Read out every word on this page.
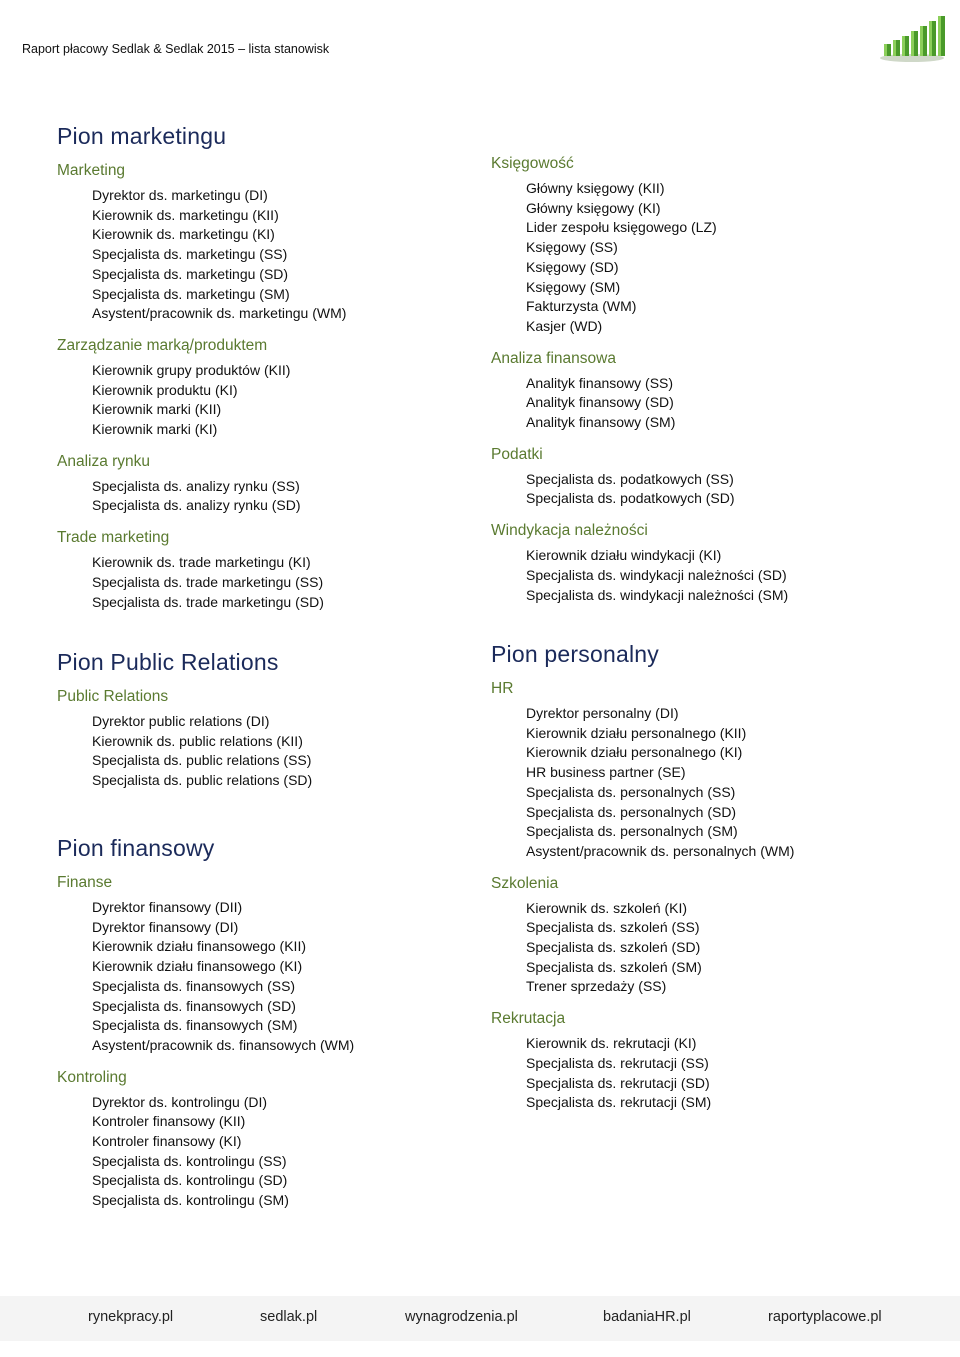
Raport płacowy Sedlak & Sedlak 2015 – lista stanowisk
Pion marketingu
Marketing
Dyrektor ds. marketingu (DI)
Kierownik ds. marketingu (KII)
Kierownik ds. marketingu (KI)
Specjalista ds. marketingu (SS)
Specjalista ds. marketingu (SD)
Specjalista ds. marketingu (SM)
Asystent/pracownik ds. marketingu (WM)
Zarządzanie marką/produktem
Kierownik grupy produktów (KII)
Kierownik produktu (KI)
Kierownik marki (KII)
Kierownik marki (KI)
Analiza rynku
Specjalista ds. analizy rynku (SS)
Specjalista ds. analizy rynku (SD)
Trade marketing
Kierownik ds. trade marketingu (KI)
Specjalista ds. trade marketingu (SS)
Specjalista ds. trade marketingu (SD)
Pion Public Relations
Public Relations
Dyrektor public relations (DI)
Kierownik ds. public relations (KII)
Specjalista ds. public relations (SS)
Specjalista ds. public relations (SD)
Pion finansowy
Finanse
Dyrektor finansowy (DII)
Dyrektor finansowy (DI)
Kierownik działu finansowego (KII)
Kierownik działu finansowego (KI)
Specjalista ds. finansowych (SS)
Specjalista ds. finansowych (SD)
Specjalista ds. finansowych (SM)
Asystent/pracownik ds. finansowych (WM)
Kontroling
Dyrektor ds. kontrolingu (DI)
Kontroler finansowy (KII)
Kontroler finansowy (KI)
Specjalista ds. kontrolingu (SS)
Specjalista ds. kontrolingu (SD)
Specjalista ds. kontrolingu (SM)
Księgowość
Główny księgowy (KII)
Główny księgowy (KI)
Lider zespołu księgowego (LZ)
Księgowy (SS)
Księgowy (SD)
Księgowy (SM)
Fakturzysta (WM)
Kasjer (WD)
Analiza finansowa
Analityk finansowy (SS)
Analityk finansowy (SD)
Analityk finansowy (SM)
Podatki
Specjalista ds. podatkowych (SS)
Specjalista ds. podatkowych (SD)
Windykacja należności
Kierownik działu windykacji (KI)
Specjalista ds. windykacji należności (SD)
Specjalista ds. windykacji należności (SM)
Pion personalny
HR
Dyrektor personalny (DI)
Kierownik działu personalnego (KII)
Kierownik działu personalnego (KI)
HR business partner (SE)
Specjalista ds. personalnych (SS)
Specjalista ds. personalnych (SD)
Specjalista ds. personalnych (SM)
Asystent/pracownik ds. personalnych (WM)
Szkolenia
Kierownik ds. szkoleń (KI)
Specjalista ds. szkoleń (SS)
Specjalista ds. szkoleń (SD)
Specjalista ds. szkoleń (SM)
Trener sprzedaży (SS)
Rekrutacja
Kierownik ds. rekrutacji (KI)
Specjalista ds. rekrutacji (SS)
Specjalista ds. rekrutacji (SD)
Specjalista ds. rekrutacji (SM)
rynekpracy.pl	sedlak.pl	wynagrodzenia.pl	badaniaHR.pl	raportyplacowe.pl
